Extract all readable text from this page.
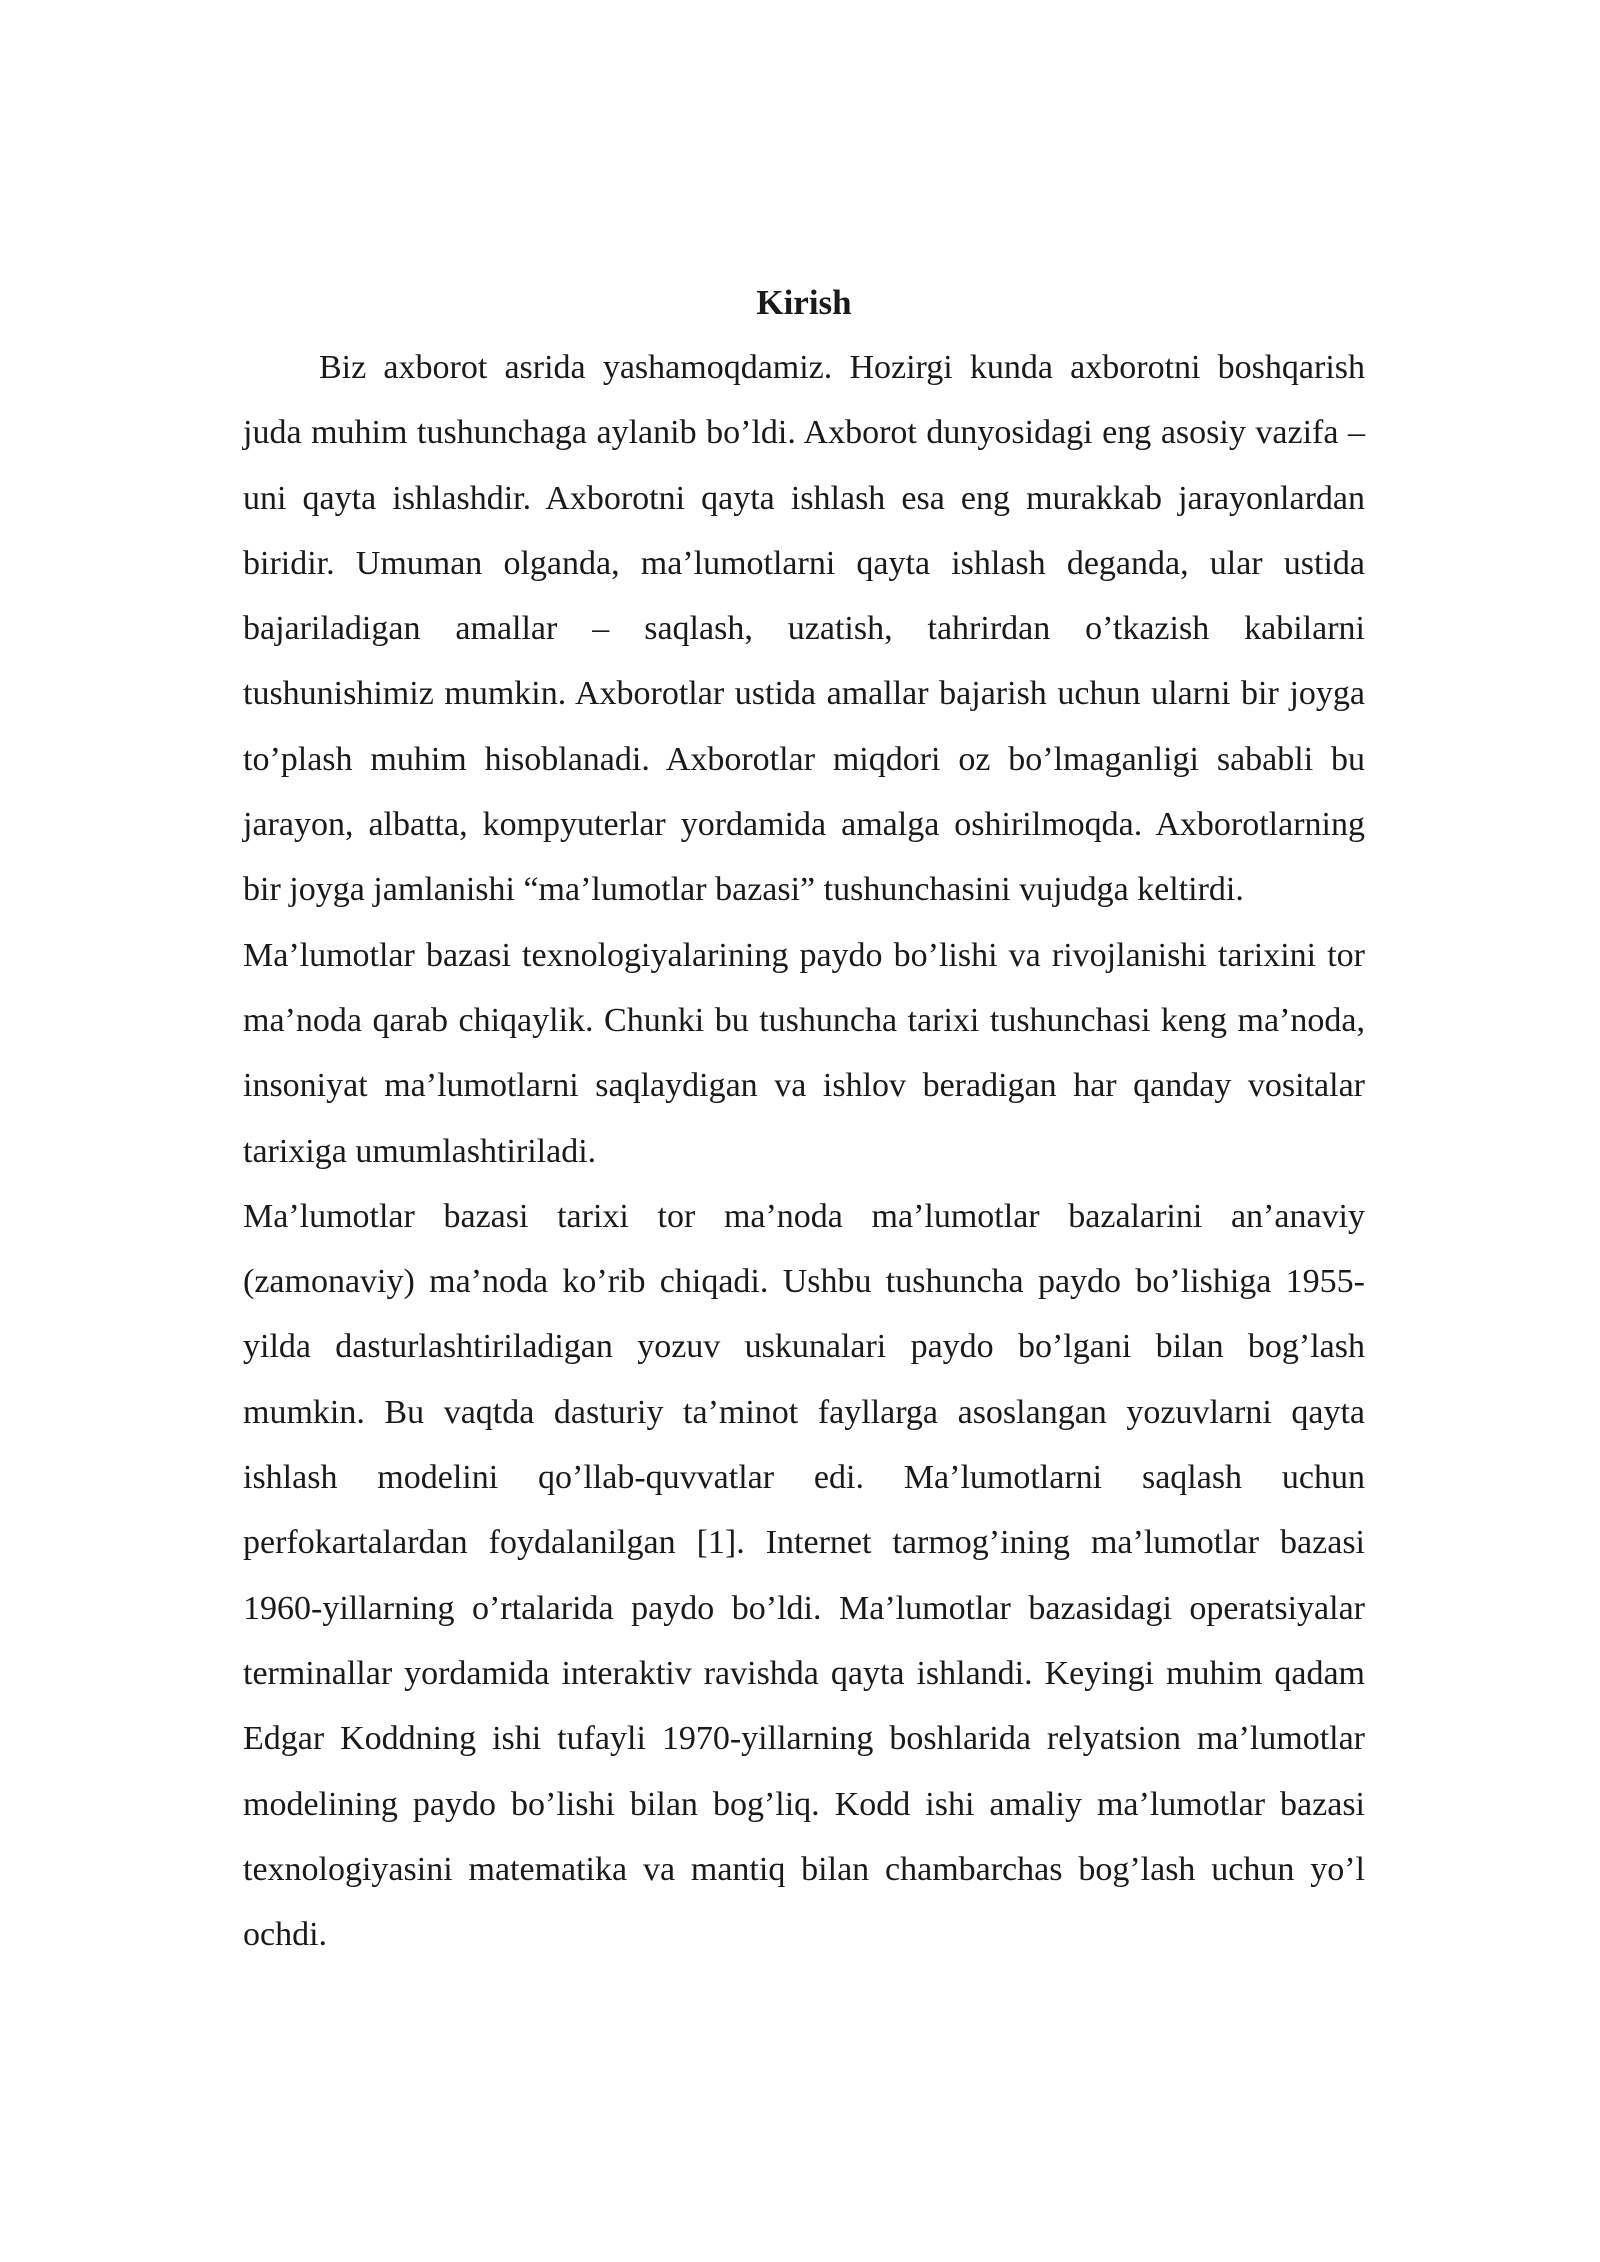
Kirish

Biz axborot asrida yashamoqdamiz. Hozirgi kunda axborotni boshqarish juda muhim tushunchaga aylanib bo’ldi. Axborot dunyosidagi eng asosiy vazifa – uni qayta ishlashdir. Axborotni qayta ishlash esa eng murakkab jarayonlardan biridir. Umuman olganda, ma’lumotlarni qayta ishlash deganda, ular ustida bajariladigan amallar – saqlash, uzatish, tahrirdan o’tkazish kabilarni tushunishimiz mumkin. Axborotlar ustida amallar bajarish uchun ularni bir joyga to’plash muhim hisoblanadi. Axborotlar miqdori oz bo’lmaganligi sababli bu jarayon, albatta, kompyuterlar yordamida amalga oshirilmoqda. Axborotlarning bir joyga jamlanishi “ma’lumotlar bazasi” tushunchasini vujudga keltirdi.

Ma’lumotlar bazasi texnologiyalarining paydo bo’lishi va rivojlanishi tarixini tor ma’noda qarab chiqaylik. Chunki bu tushuncha tarixi tushunchasi keng ma’noda, insoniyat ma’lumotlarni saqlaydigan va ishlov beradigan har qanday vositalar tarixiga umumlashtiriladi.

Ma’lumotlar bazasi tarixi tor ma’noda ma’lumotlar bazalarini an’anaviy (zamonaviy) ma’noda ko’rib chiqadi. Ushbu tushuncha paydo bo’lishiga 1955-yilda dasturlashtiriladigan yozuv uskunalari paydo bo’lgani bilan bog’lash mumkin. Bu vaqtda dasturiy ta’minot fayllarga asoslangan yozuvlarni qayta ishlash modelini qo’llab-quvvatlar edi. Ma’lumotlarni saqlash uchun perfokartalardan foydalanilgan [1]. Internet tarmog’ining ma’lumotlar bazasi 1960-yillarning o’rtalarida paydo bo’ldi. Ma’lumotlar bazasidagi operatsiyalar terminallar yordamida interaktiv ravishda qayta ishlandi. Keyingi muhim qadam Edgar Koddning ishi tufayli 1970-yillarning boshlarida relyatsion ma’lumotlar modelining paydo bo’lishi bilan bog’liq. Kodd ishi amaliy ma’lumotlar bazasi texnologiyasini matematika va mantiq bilan chambarchas bog’lash uchun yo’l ochdi.
